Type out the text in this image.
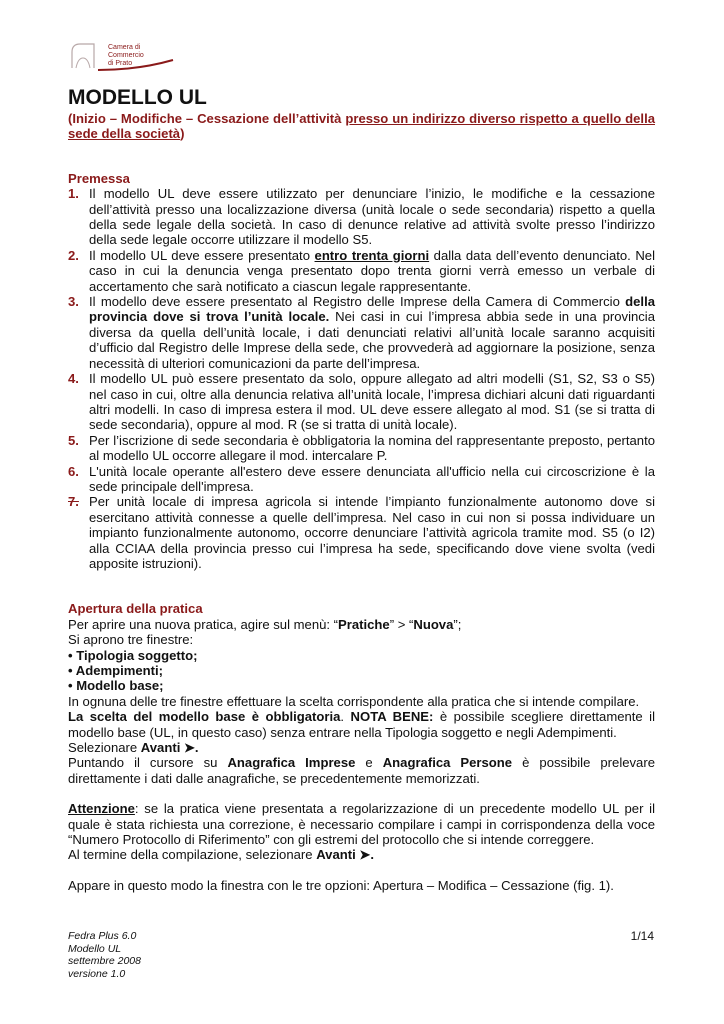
Camera di Commercio
di Prato
MODELLO UL
(Inizio – Modifiche – Cessazione dell’attività presso un indirizzo diverso rispetto a quello della sede della società)
Premessa
1. Il modello UL deve essere utilizzato per denunciare l’inizio, le modifiche e la cessazione dell’attività presso una localizzazione diversa (unità locale o sede secondaria) rispetto a quella della sede legale della società. In caso di denunce relative ad attività svolte presso l’indirizzo della sede legale occorre utilizzare il modello S5.
2. Il modello UL deve essere presentato entro trenta giorni dalla data dell’evento denunciato. Nel caso in cui la denuncia venga presentato dopo trenta giorni verrà emesso un verbale di accertamento che sarà notificato a ciascun legale rappresentante.
3. Il modello deve essere presentato al Registro delle Imprese della Camera di Commercio della provincia dove si trova l’unità locale. Nei casi in cui l’impresa abbia sede in una provincia diversa da quella dell’unità locale, i dati denunciati relativi all’unità locale saranno acquisiti d’ufficio dal Registro delle Imprese della sede, che provvederà ad aggiornare la posizione, senza necessità di ulteriori comunicazioni da parte dell’impresa.
4. Il modello UL può essere presentato da solo, oppure allegato ad altri modelli (S1, S2, S3 o S5) nel caso in cui, oltre alla denuncia relativa all’unità locale, l’impresa dichiari alcuni dati riguardanti altri modelli. In caso di impresa estera il mod. UL deve essere allegato al mod. S1 (se si tratta di sede secondaria), oppure al mod. R (se si tratta di unità locale).
5. Per l’iscrizione di sede secondaria è obbligatoria la nomina del rappresentante preposto, pertanto al modello UL occorre allegare il mod. intercalare P.
6. L'unità locale operante all'estero deve essere denunciata all'ufficio nella cui circoscrizione è la sede principale dell'impresa.
7. Per unità locale di impresa agricola si intende l’impianto funzionalmente autonomo dove si esercitano attività connesse a quelle dell’impresa. Nel caso in cui non si possa individuare un impianto funzionalmente autonomo, occorre denunciare l’attività agricola tramite mod. S5 (o I2) alla CCIAA della provincia presso cui l’impresa ha sede, specificando dove viene svolta (vedi apposite istruzioni).
Apertura della pratica

Per aprire una nuova pratica, agire sul menù: “Pratiche” > “Nuova”;

Si aprono tre finestre:

• Tipologia soggetto;

• Adempimenti;

• Modello base;

In ognuna delle tre finestre effettuare la scelta corrispondente alla pratica che si intende compilare.
La scelta del modello base è obbligatoria. NOTA BENE: è possibile scegliere direttamente il modello base (UL, in questo caso) senza entrare nella Tipologia soggetto e negli Adempimenti.
Selezionare Avanti ➤.

Puntando il cursore su Anagrafica Imprese e Anagrafica Persone è possibile prelevare direttamente i dati dalle anagrafiche, se precedentemente memorizzati.

Attenzione: se la pratica viene presentata a regolarizzazione di un precedente modello UL per il quale è stata richiesta una correzione, è necessario compilare i campi in corrispondenza della voce “Numero Protocollo di Riferimento” con gli estremi del protocollo che si intende correggere.
Al termine della compilazione, selezionare Avanti ➤.

Appare in questo modo la finestra con le tre opzioni: Apertura – Modifica – Cessazione (fig. 1).

Fedra Plus 6.0
Modello UL
settembre 2008
versione 1.0
1/14
